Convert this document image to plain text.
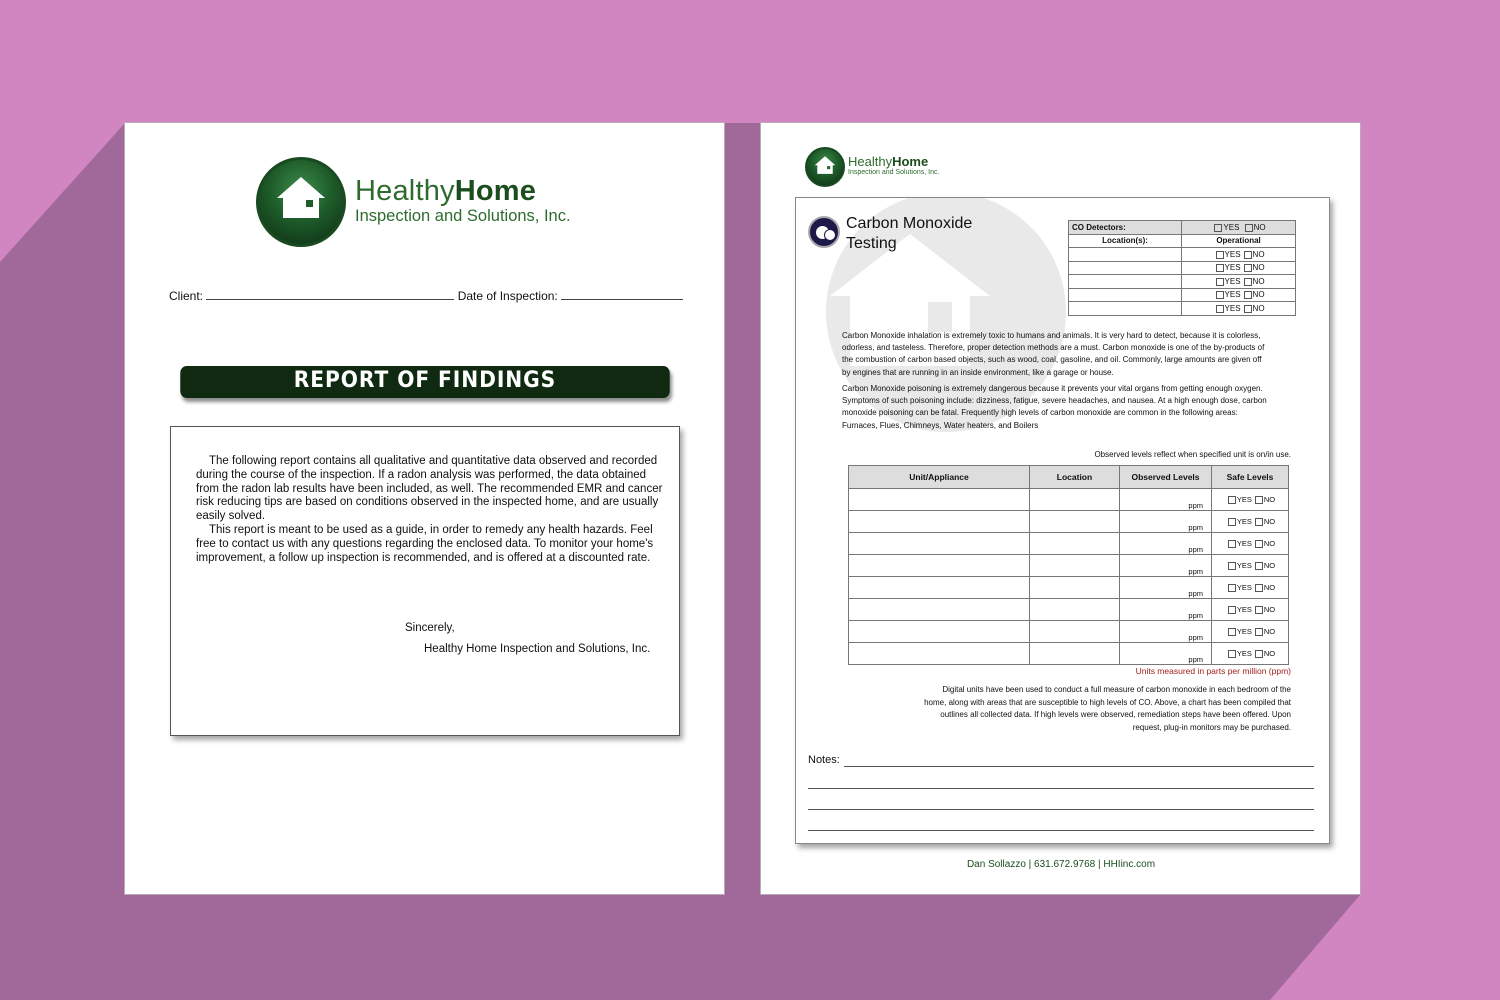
HealthyHome
Inspection and Solutions, Inc.
Client:	Date of Inspection:
REPORT OF FINDINGS

The following report contains all qualitative and quantitative data observed and recorded during the course of the inspection. If a radon analysis was performed, the data obtained from the radon lab results have been included, as well. The recommended EMR and cancer risk reducing tips are based on conditions observed in the inspected home, and are usually easily solved.

This report is meant to be used as a guide, in order to remedy any health hazards. Feel free to contact us with any questions regarding the enclosed data. To monitor your home's improvement, a follow up inspection is recommended, and is offered at a discounted rate.

Sincerely,
Healthy Home Inspection and Solutions, Inc.
HealthyHome
Inspection and Solutions, Inc.
Carbon Monoxide Testing
CO Detectors:	YES NO
Location(s):	Operational
	YES NO
	YES NO
	YES NO
	YES NO
	YES NO
Carbon Monoxide inhalation is extremely toxic to humans and animals. It is very hard to detect, because it is colorless, odorless, and tasteless. Therefore, proper detection methods are a must. Carbon monoxide is one of the by-products of the combustion of carbon based objects, such as wood, coal, gasoline, and oil. Commonly, large amounts are given off by engines that are running in an inside environment, like a garage or house.
Carbon Monoxide poisoning is extremely dangerous because it prevents your vital organs from getting enough oxygen. Symptoms of such poisoning include: dizziness, fatigue, severe headaches, and nausea. At a high enough dose, carbon monoxide poisoning can be fatal. Frequently high levels of carbon monoxide are common in the following areas: Furnaces, Flues, Chimneys, Water heaters, and Boilers
Observed levels reflect when specified unit is on/in use.
Unit/Appliance	Location	Observed Levels	Safe Levels
		ppm	YES NO
		ppm	YES NO
		ppm	YES NO
		ppm	YES NO
		ppm	YES NO
		ppm	YES NO
		ppm	YES NO
		ppm	YES NO
Units measured in parts per million (ppm)
Digital units have been used to conduct a full measure of carbon monoxide in each bedroom of the home, along with areas that are susceptible to high levels of CO. Above, a chart has been compiled that outlines all collected data. If high levels were observed, remediation steps have been offered. Upon request, plug-in monitors may be purchased.
Notes:
Dan Sollazzo | 631.672.9768 | HHIinc.com
